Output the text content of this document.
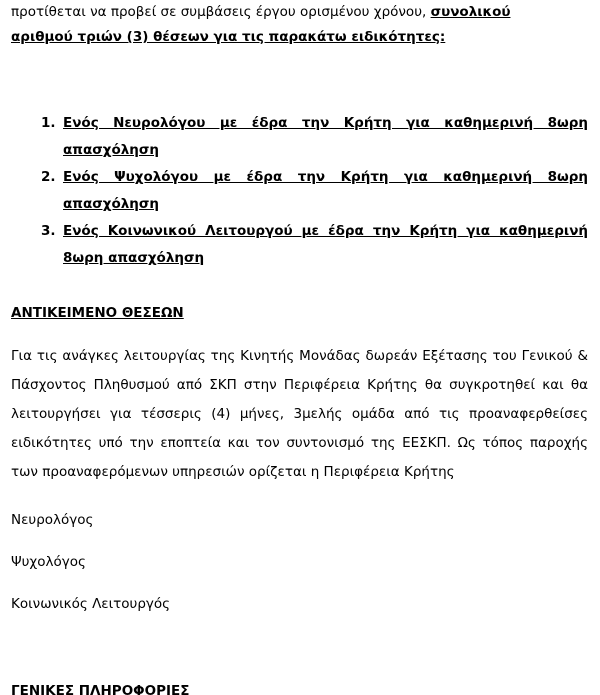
προτίθεται να προβεί σε συμβάσεις έργου ορισμένου χρόνου, συνολικού

αριθμού τριών (3) θέσεων για τις παρακάτω ειδικότητες:

Ενός Νευρολόγου με έδρα την Κρήτη για καθημερινή 8ωρη απασχόληση
Ενός Ψυχολόγου με έδρα την Κρήτη για καθημερινή 8ωρη απασχόληση
Ενός Κοινωνικού Λειτουργού με έδρα την Κρήτη για καθημερινή 8ωρη απασχόληση

ΑΝΤΙΚΕΙΜΕΝΟ ΘΕΣΕΩΝ

Για τις ανάγκες λειτουργίας της Κινητής Μονάδας δωρεάν Εξέτασης του Γενικού & Πάσχοντος Πληθυσμού από ΣΚΠ στην Περιφέρεια Κρήτης θα συγκροτηθεί και θα λειτουργήσει για τέσσερις (4) μήνες, 3μελής ομάδα από τις προαναφερθείσες ειδικότητες υπό την εποπτεία και τον συντονισμό της ΕΕΣΚΠ. Ως τόπος παροχής των προαναφερόμενων υπηρεσιών ορίζεται η Περιφέρεια Κρήτης

Νευρολόγος

Ψυχολόγος

Κοινωνικός Λειτουργός

ΓΕΝΙΚΕΣ ΠΛΗΡΟΦΟΡΙΕΣ
